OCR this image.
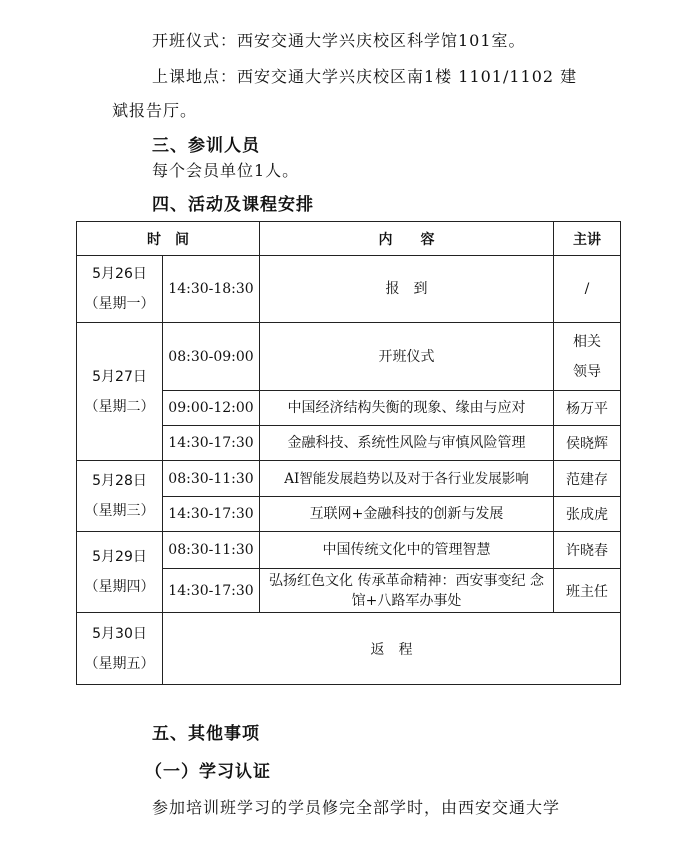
开班仪式：西安交通大学兴庆校区科学馆101室。
上课地点：西安交通大学兴庆校区南1楼 1101/1102 建
斌报告厅。
三、参训人员
每个会员单位1人。
四、活动及课程安排
时　间		内　　容	主讲

5月26日
（星期一）	14:30-18:30	报　到	/

5月27日
（星期二）	08:30-09:00	开班仪式	相关领导

	09:00-12:00	中国经济结构失衡的现象、缘由与应对	杨万平
	14:30-17:30	金融科技、系统性风险与审慎风险管理	侯晓辉

5月28日
（星期三）	08:30-11:30	AI智能发展趋势以及对于各行业发展影响	范建存
	14:30-17:30	互联网+金融科技的创新与发展	张成虎

5月29日
（星期四）	08:30-11:30	中国传统文化中的管理智慧	许晓春
	14:30-17:30	弘扬红色文化 传承革命精神：西安事变纪 念馆+八路军办事处	班主任

5月30日
（星期五）	返　程		
五、其他事项
（一）学习认证
参加培训班学习的学员修完全部学时，由西安交通大学
